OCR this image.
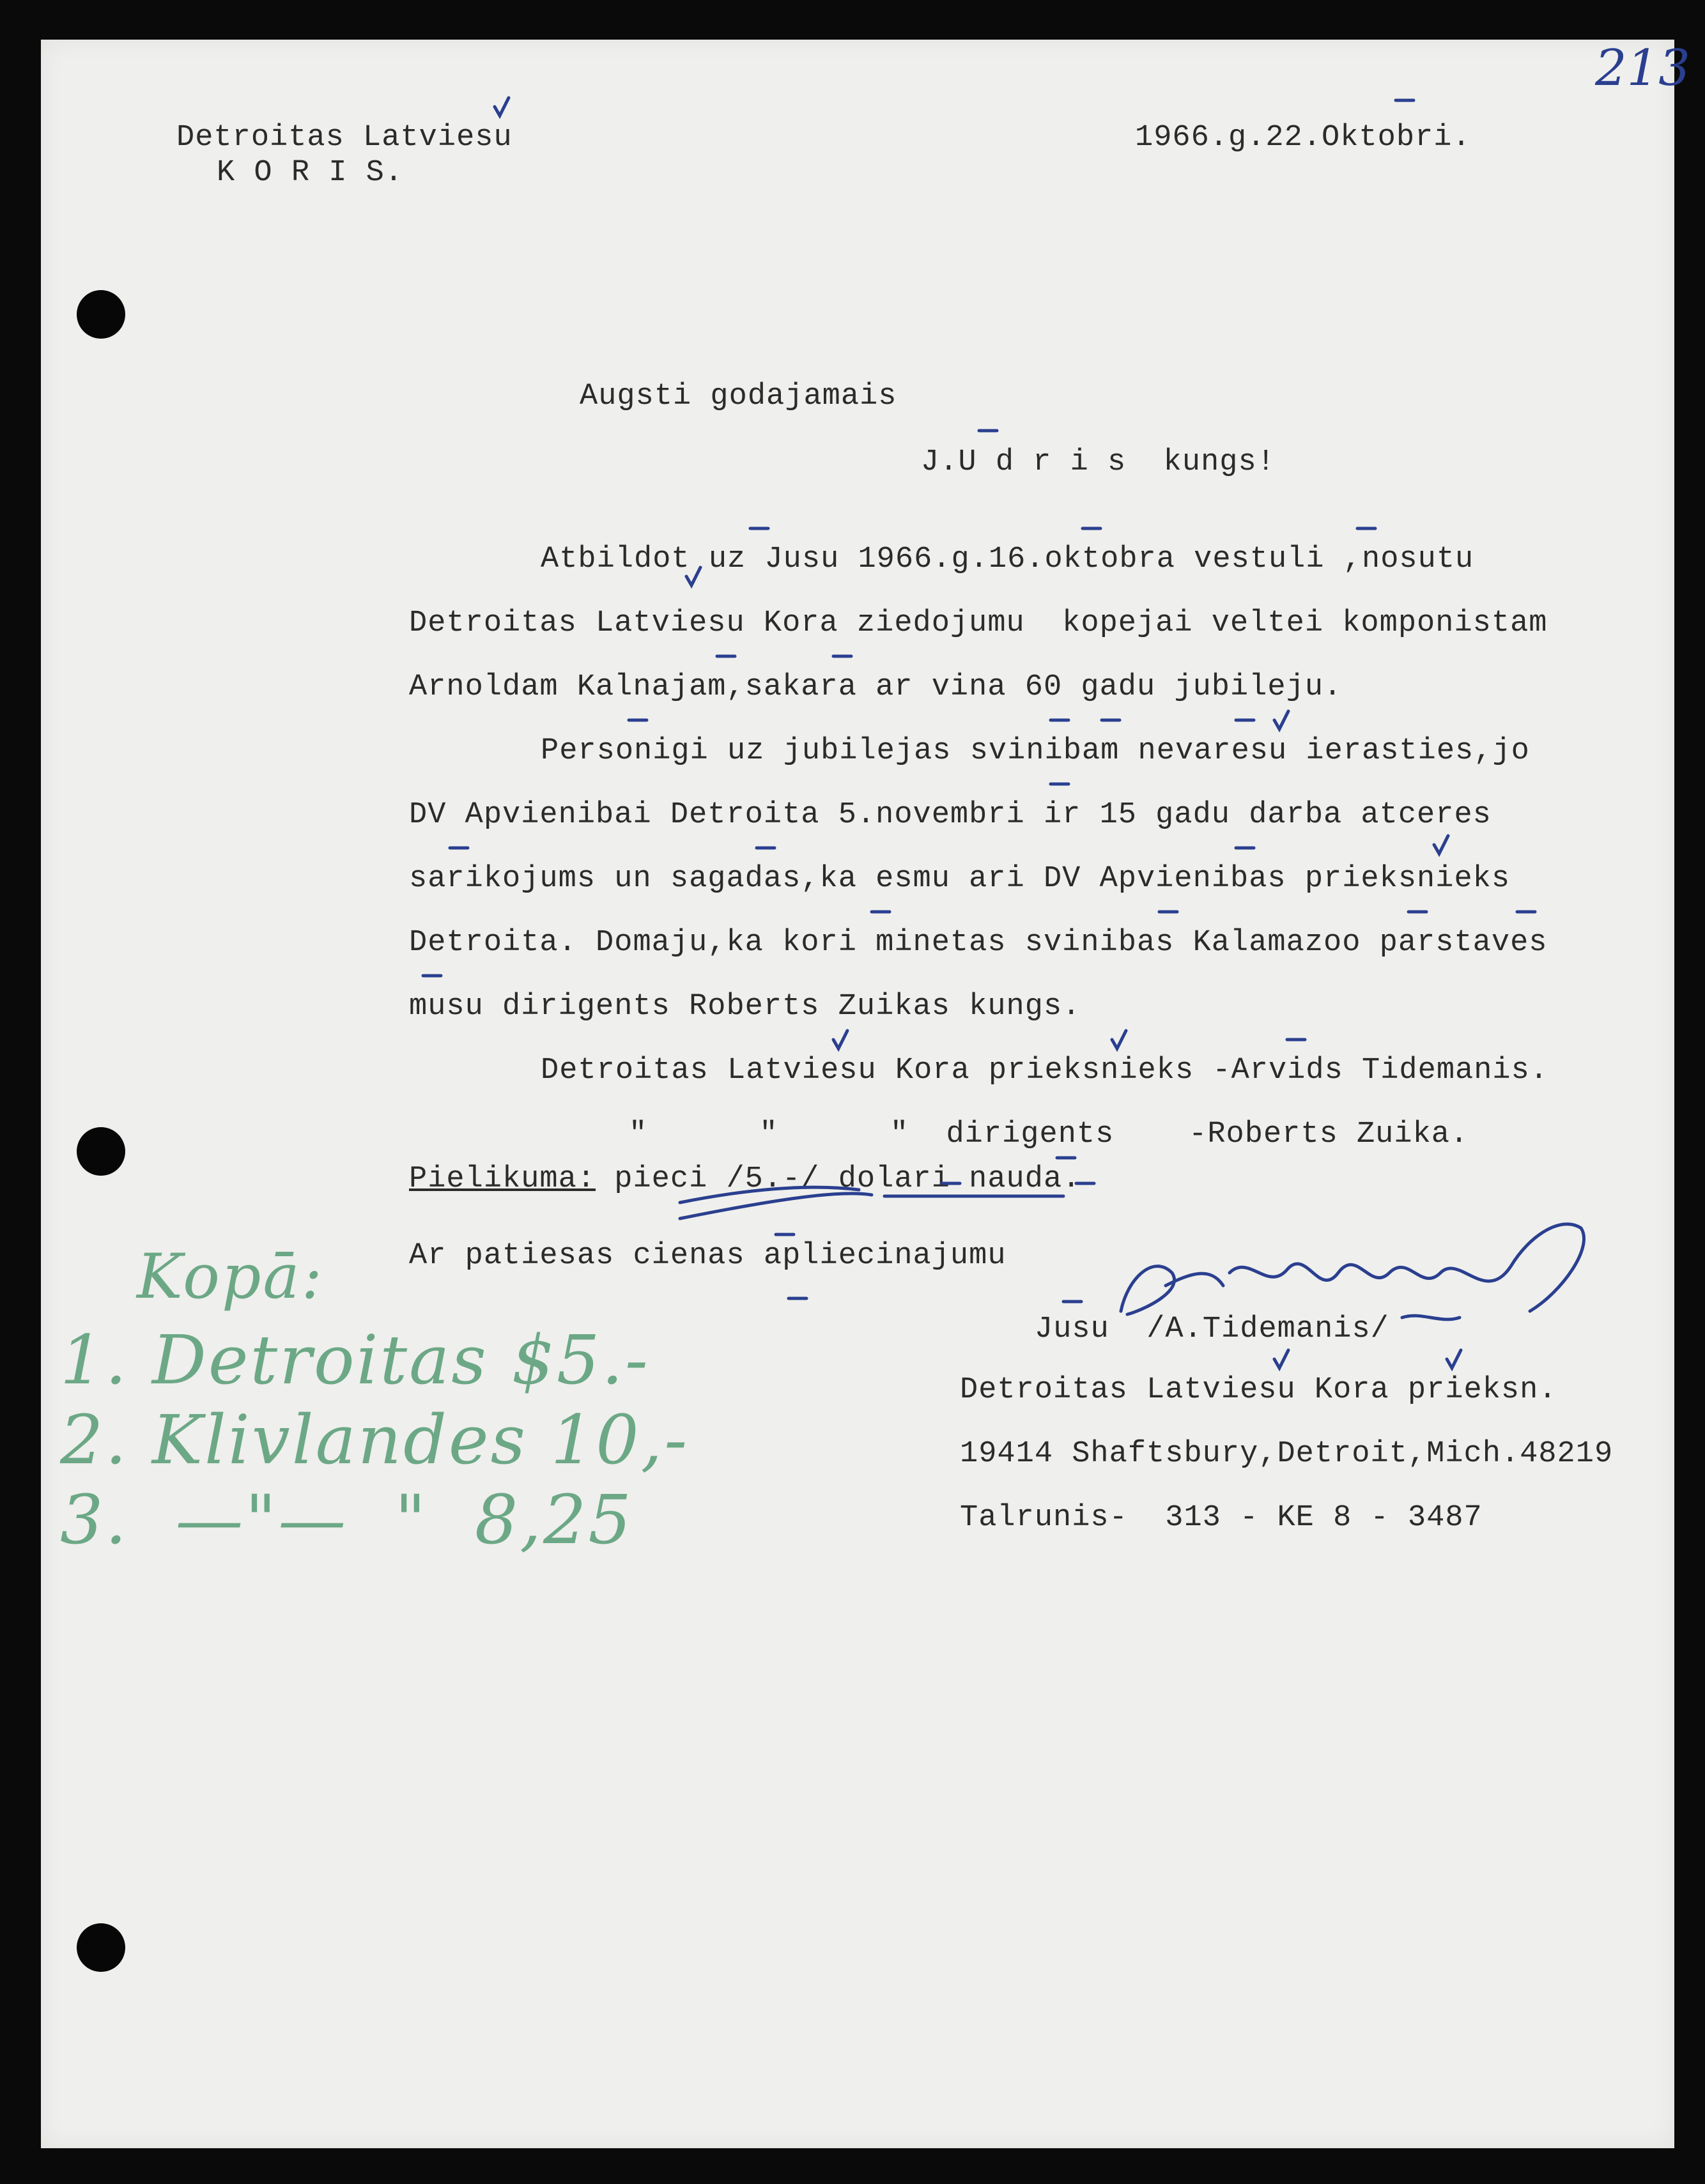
Detroitas Latviesu
K O R I S.
1966.g.22.Oktobri.
213
Augsti godajamais
J.U d r i s  kungs!
Atbildot uz Jusu 1966.g.16.oktobra vestuli ,nosutu
Detroitas Latviesu Kora ziedojumu  kopejai veltei komponistam
Arnoldam Kalnajam,sakara ar vina 60 gadu jubileju.
Personigi uz jubilejas svinibam nevaresu ierasties,jo
DV Apvienibai Detroita 5.novembri ir 15 gadu darba atceres
sarikojums un sagadas,ka esmu ari DV Apvienibas prieksnieks
Detroita. Domaju,ka kori minetas svinibas Kalamazoo parstaves
musu dirigents Roberts Zuikas kungs.
Detroitas Latviesu Kora prieksnieks -Arvids Tidemanis.
"      "      "  dirigents    -Roberts Zuika.
Pielikuma: pieci /5.-/ dolari nauda.
Ar patiesas cienas apliecinajumu
Jusu  /A.Tidemanis/
Detroitas Latviesu Kora prieksn.
19414 Shaftsbury,Detroit,Mich.48219
Talrunis-  313 - KE 8 - 3487
Kopā:
1. Detroitas $5.-
2. Klivlandes 10,-
3.  —"—  "  8,25
